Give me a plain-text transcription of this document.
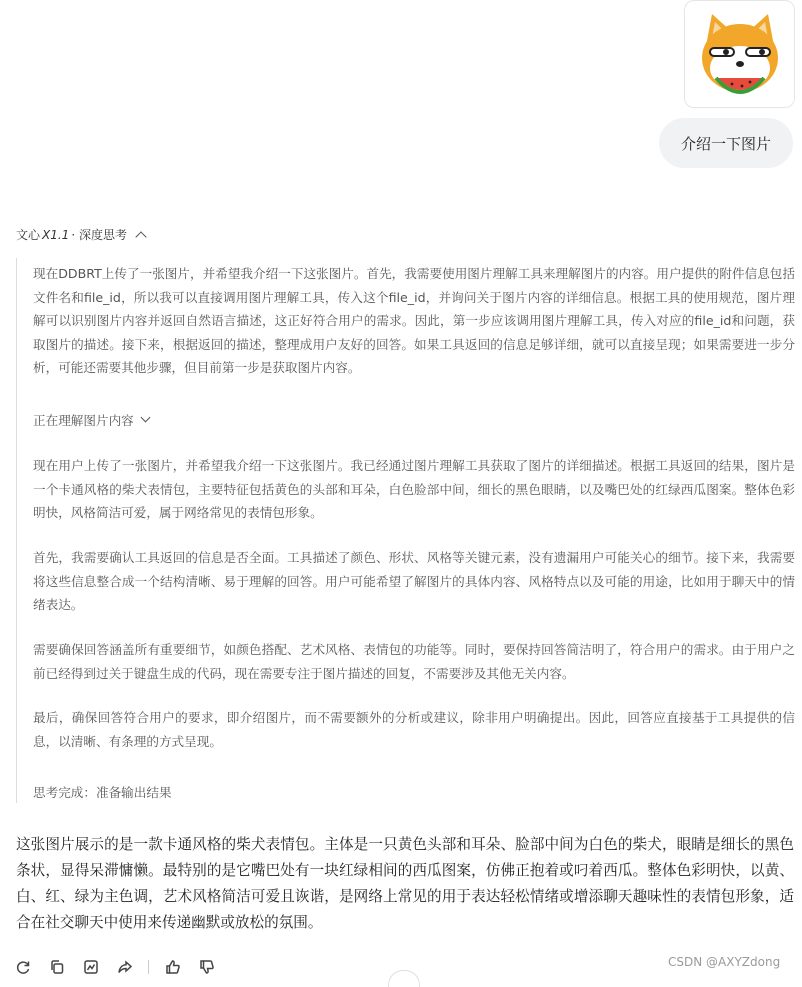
介绍一下图片
文心 X1.1 · 深度思考

现在DDBRT上传了一张图片，并希望我介绍一下这张图片。首先，我需要使用图片理解工具来理解图片的内容。用户提供的附件信息包括文件名和file_id，所以我可以直接调用图片理解工具，传入这个file_id，并询问关于图片内容的详细信息。根据工具的使用规范，图片理解可以识别图片内容并返回自然语言描述，这正好符合用户的需求。因此，第一步应该调用图片理解工具，传入对应的file_id和问题，获取图片的描述。接下来，根据返回的描述，整理成用户友好的回答。如果工具返回的信息足够详细，就可以直接呈现；如果需要进一步分析，可能还需要其他步骤，但目前第一步是获取图片内容。

正在理解图片内容

现在用户上传了一张图片，并希望我介绍一下这张图片。我已经通过图片理解工具获取了图片的详细描述。根据工具返回的结果，图片是一个卡通风格的柴犬表情包，主要特征包括黄色的头部和耳朵，白色脸部中间，细长的黑色眼睛，以及嘴巴处的红绿西瓜图案。整体色彩明快，风格简洁可爱，属于网络常见的表情包形象。

首先，我需要确认工具返回的信息是否全面。工具描述了颜色、形状、风格等关键元素，没有遗漏用户可能关心的细节。接下来，我需要将这些信息整合成一个结构清晰、易于理解的回答。用户可能希望了解图片的具体内容、风格特点以及可能的用途，比如用于聊天中的情绪表达。

需要确保回答涵盖所有重要细节，如颜色搭配、艺术风格、表情包的功能等。同时，要保持回答简洁明了，符合用户的需求。由于用户之前已经得到过关于键盘生成的代码，现在需要专注于图片描述的回复，不需要涉及其他无关内容。

最后，确保回答符合用户的要求，即介绍图片，而不需要额外的分析或建议，除非用户明确提出。因此，回答应直接基于工具提供的信息，以清晰、有条理的方式呈现。

思考完成：准备输出结果

这张图片展示的是一款卡通风格的柴犬表情包。主体是一只黄色头部和耳朵、脸部中间为白色的柴犬，眼睛是细长的黑色条状，显得呆滞慵懒。最特别的是它嘴巴处有一块红绿相间的西瓜图案，仿佛正抱着或叼着西瓜。整体色彩明快，以黄、白、红、绿为主色调，艺术风格简洁可爱且诙谐，是网络上常见的用于表达轻松情绪或增添聊天趣味性的表情包形象，适合在社交聊天中使用来传递幽默或放松的氛围。

CSDN @AXYZdong
